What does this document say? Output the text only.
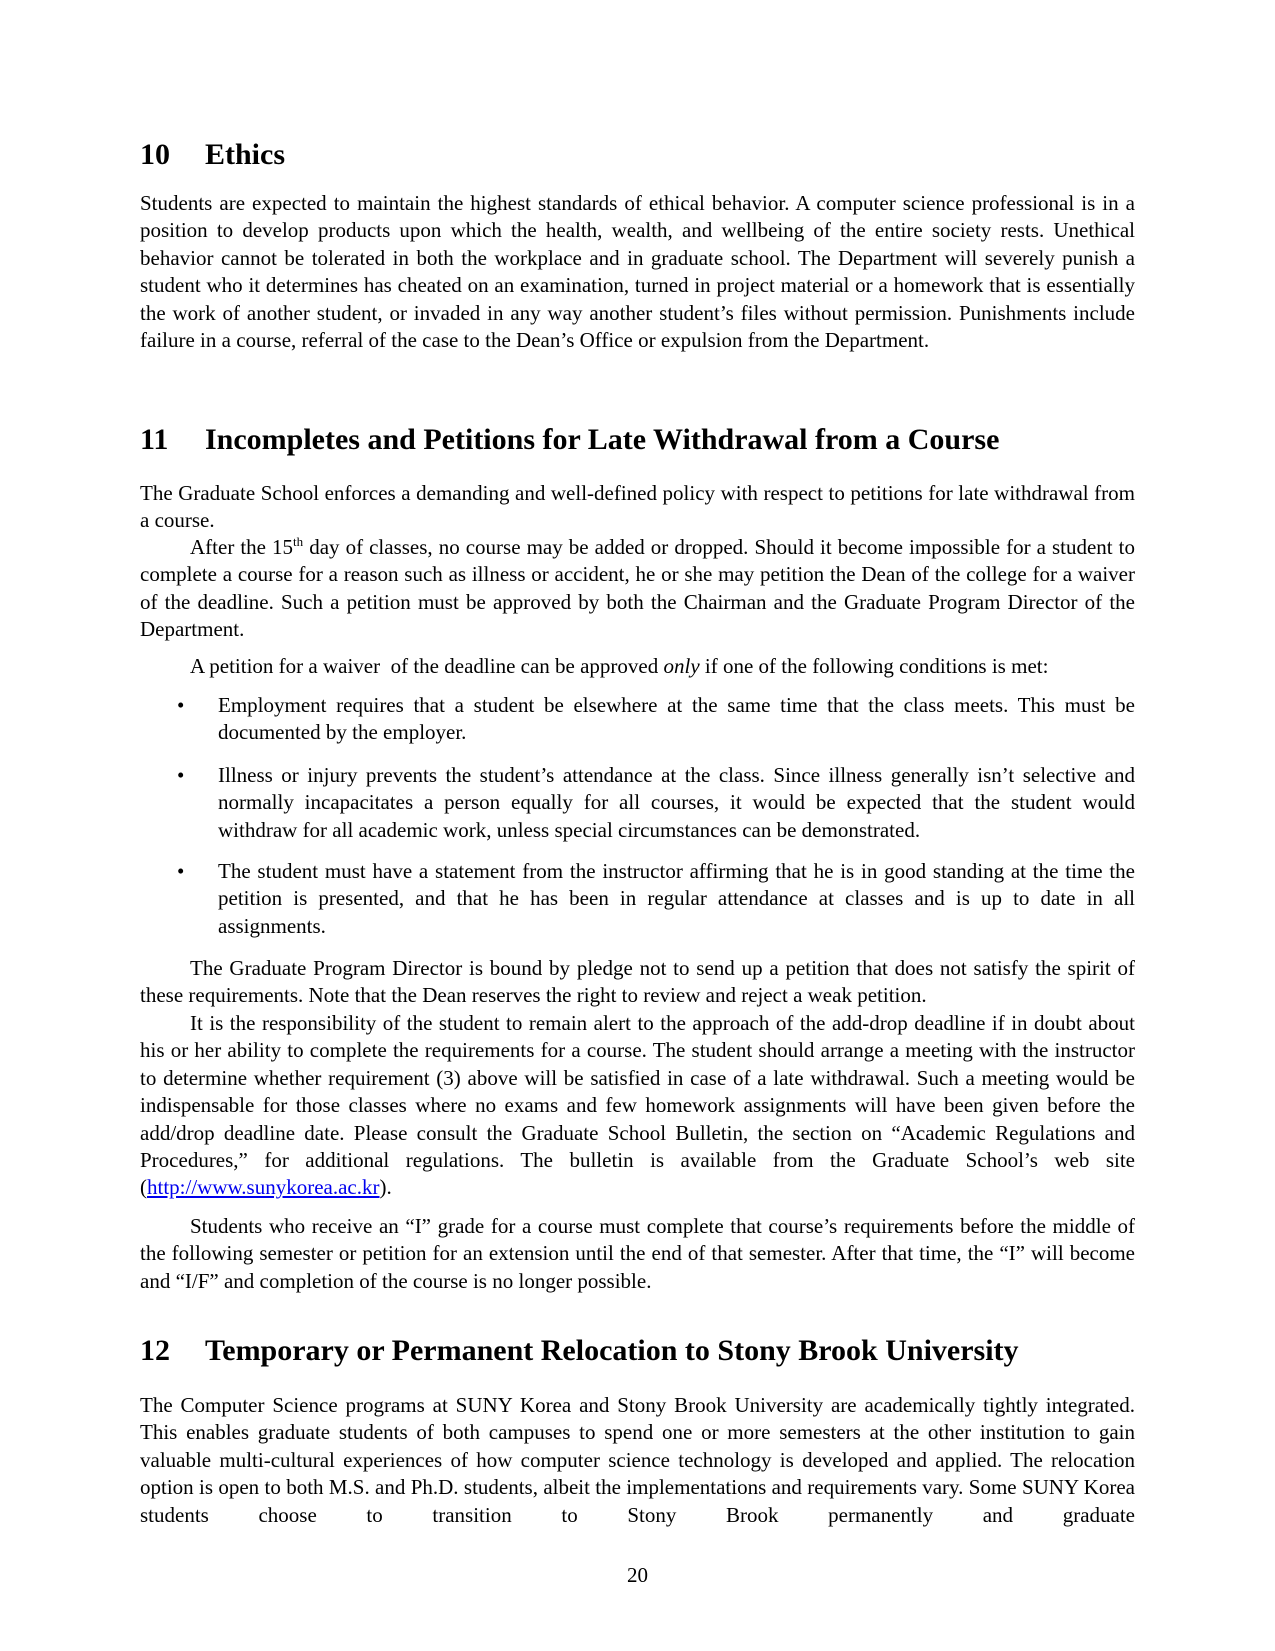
10 Ethics
Students are expected to maintain the highest standards of ethical behavior. A computer science professional is in a position to develop products upon which the health, wealth, and wellbeing of the entire society rests. Unethical behavior cannot be tolerated in both the workplace and in graduate school. The Department will severely punish a student who it determines has cheated on an examination, turned in project material or a homework that is essentially the work of another student, or invaded in any way another student’s files without permission. Punishments include failure in a course, referral of the case to the Dean’s Office or expulsion from the Department.
11 Incompletes and Petitions for Late Withdrawal from a Course
The Graduate School enforces a demanding and well-defined policy with respect to petitions for late withdrawal from a course.
After the 15th day of classes, no course may be added or dropped. Should it become impossible for a student to complete a course for a reason such as illness or accident, he or she may petition the Dean of the college for a waiver of the deadline. Such a petition must be approved by both the Chairman and the Graduate Program Director of the Department.
A petition for a waiver  of the deadline can be approved only if one of the following conditions is met:
• Employment requires that a student be elsewhere at the same time that the class meets. This must be documented by the employer.
• Illness or injury prevents the student’s attendance at the class. Since illness generally isn’t selective and normally incapacitates a person equally for all courses, it would be expected that the student would withdraw for all academic work, unless special circumstances can be demonstrated.
• The student must have a statement from the instructor affirming that he is in good standing at the time the petition is presented, and that he has been in regular attendance at classes and is up to date in all assignments.
The Graduate Program Director is bound by pledge not to send up a petition that does not satisfy the spirit of these requirements. Note that the Dean reserves the right to review and reject a weak petition.
It is the responsibility of the student to remain alert to the approach of the add-drop deadline if in doubt about his or her ability to complete the requirements for a course. The student should arrange a meeting with the instructor to determine whether requirement (3) above will be satisfied in case of a late withdrawal. Such a meeting would be indispensable for those classes where no exams and few homework assignments will have been given before the add/drop deadline date. Please consult the Graduate School Bulletin, the section on “Academic Regulations and Procedures,” for additional regulations. The bulletin is available from the Graduate School’s web site (http://www.sunykorea.ac.kr).
Students who receive an “I” grade for a course must complete that course’s requirements before the middle of the following semester or petition for an extension until the end of that semester. After that time, the “I” will become and “I/F” and completion of the course is no longer possible.
12 Temporary or Permanent Relocation to Stony Brook University
The Computer Science programs at SUNY Korea and Stony Brook University are academically tightly integrated. This enables graduate students of both campuses to spend one or more semesters at the other institution to gain valuable multi-cultural experiences of how computer science technology is developed and applied. The relocation option is open to both M.S. and Ph.D. students, albeit the implementations and requirements vary. Some SUNY Korea students choose to transition to Stony Brook permanently and graduate
20
